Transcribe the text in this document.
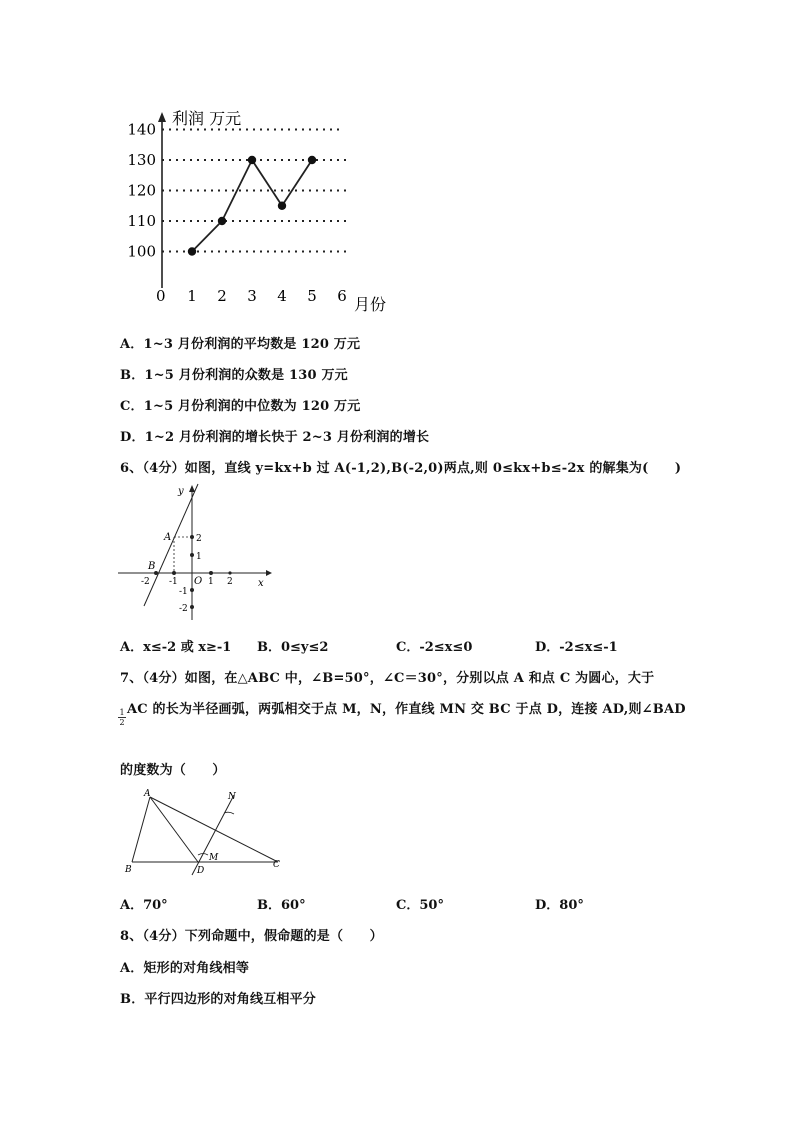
100
110
120
130
140
1 2 3 4 5 6
利润 万元
月份
0
A．1~3 月份利润的平均数是 120 万元
B．1~5 月份利润的众数是 130 万元
C．1~5 月份利润的中位数为 120 万元
D．1~2 月份利润的增长快于 2~3 月份利润的增长
6、（4分）如图，直线 y=kx+b 过 A(-1,2),B(-2,0)两点,则 0≤kx+b≤-2x 的解集为(　　)
y
x
O
A
B
-2 -1	1 2
2
1
-1
-2
A．x≤-2 或 x≥-1 B．0≤y≤2	C．-2≤x≤0	D．-2≤x≤-1
7、（4分）如图，在△ABC 中，∠B=50°，∠C＝30°，分别以点 A 和点 C 为圆心，大于
1
2
AC 的长为半径画弧，两弧相交于点 M，N，作直线 MN 交 BC 于点 D，连接 AD,则∠BAD
的度数为（　　）
A
B	C
D
M
N
A．70°	B．60°	C．50°	D．80°
8、（4分）下列命题中，假命题的是（　　）
A．矩形的对角线相等
B．平行四边形的对角线互相平分
